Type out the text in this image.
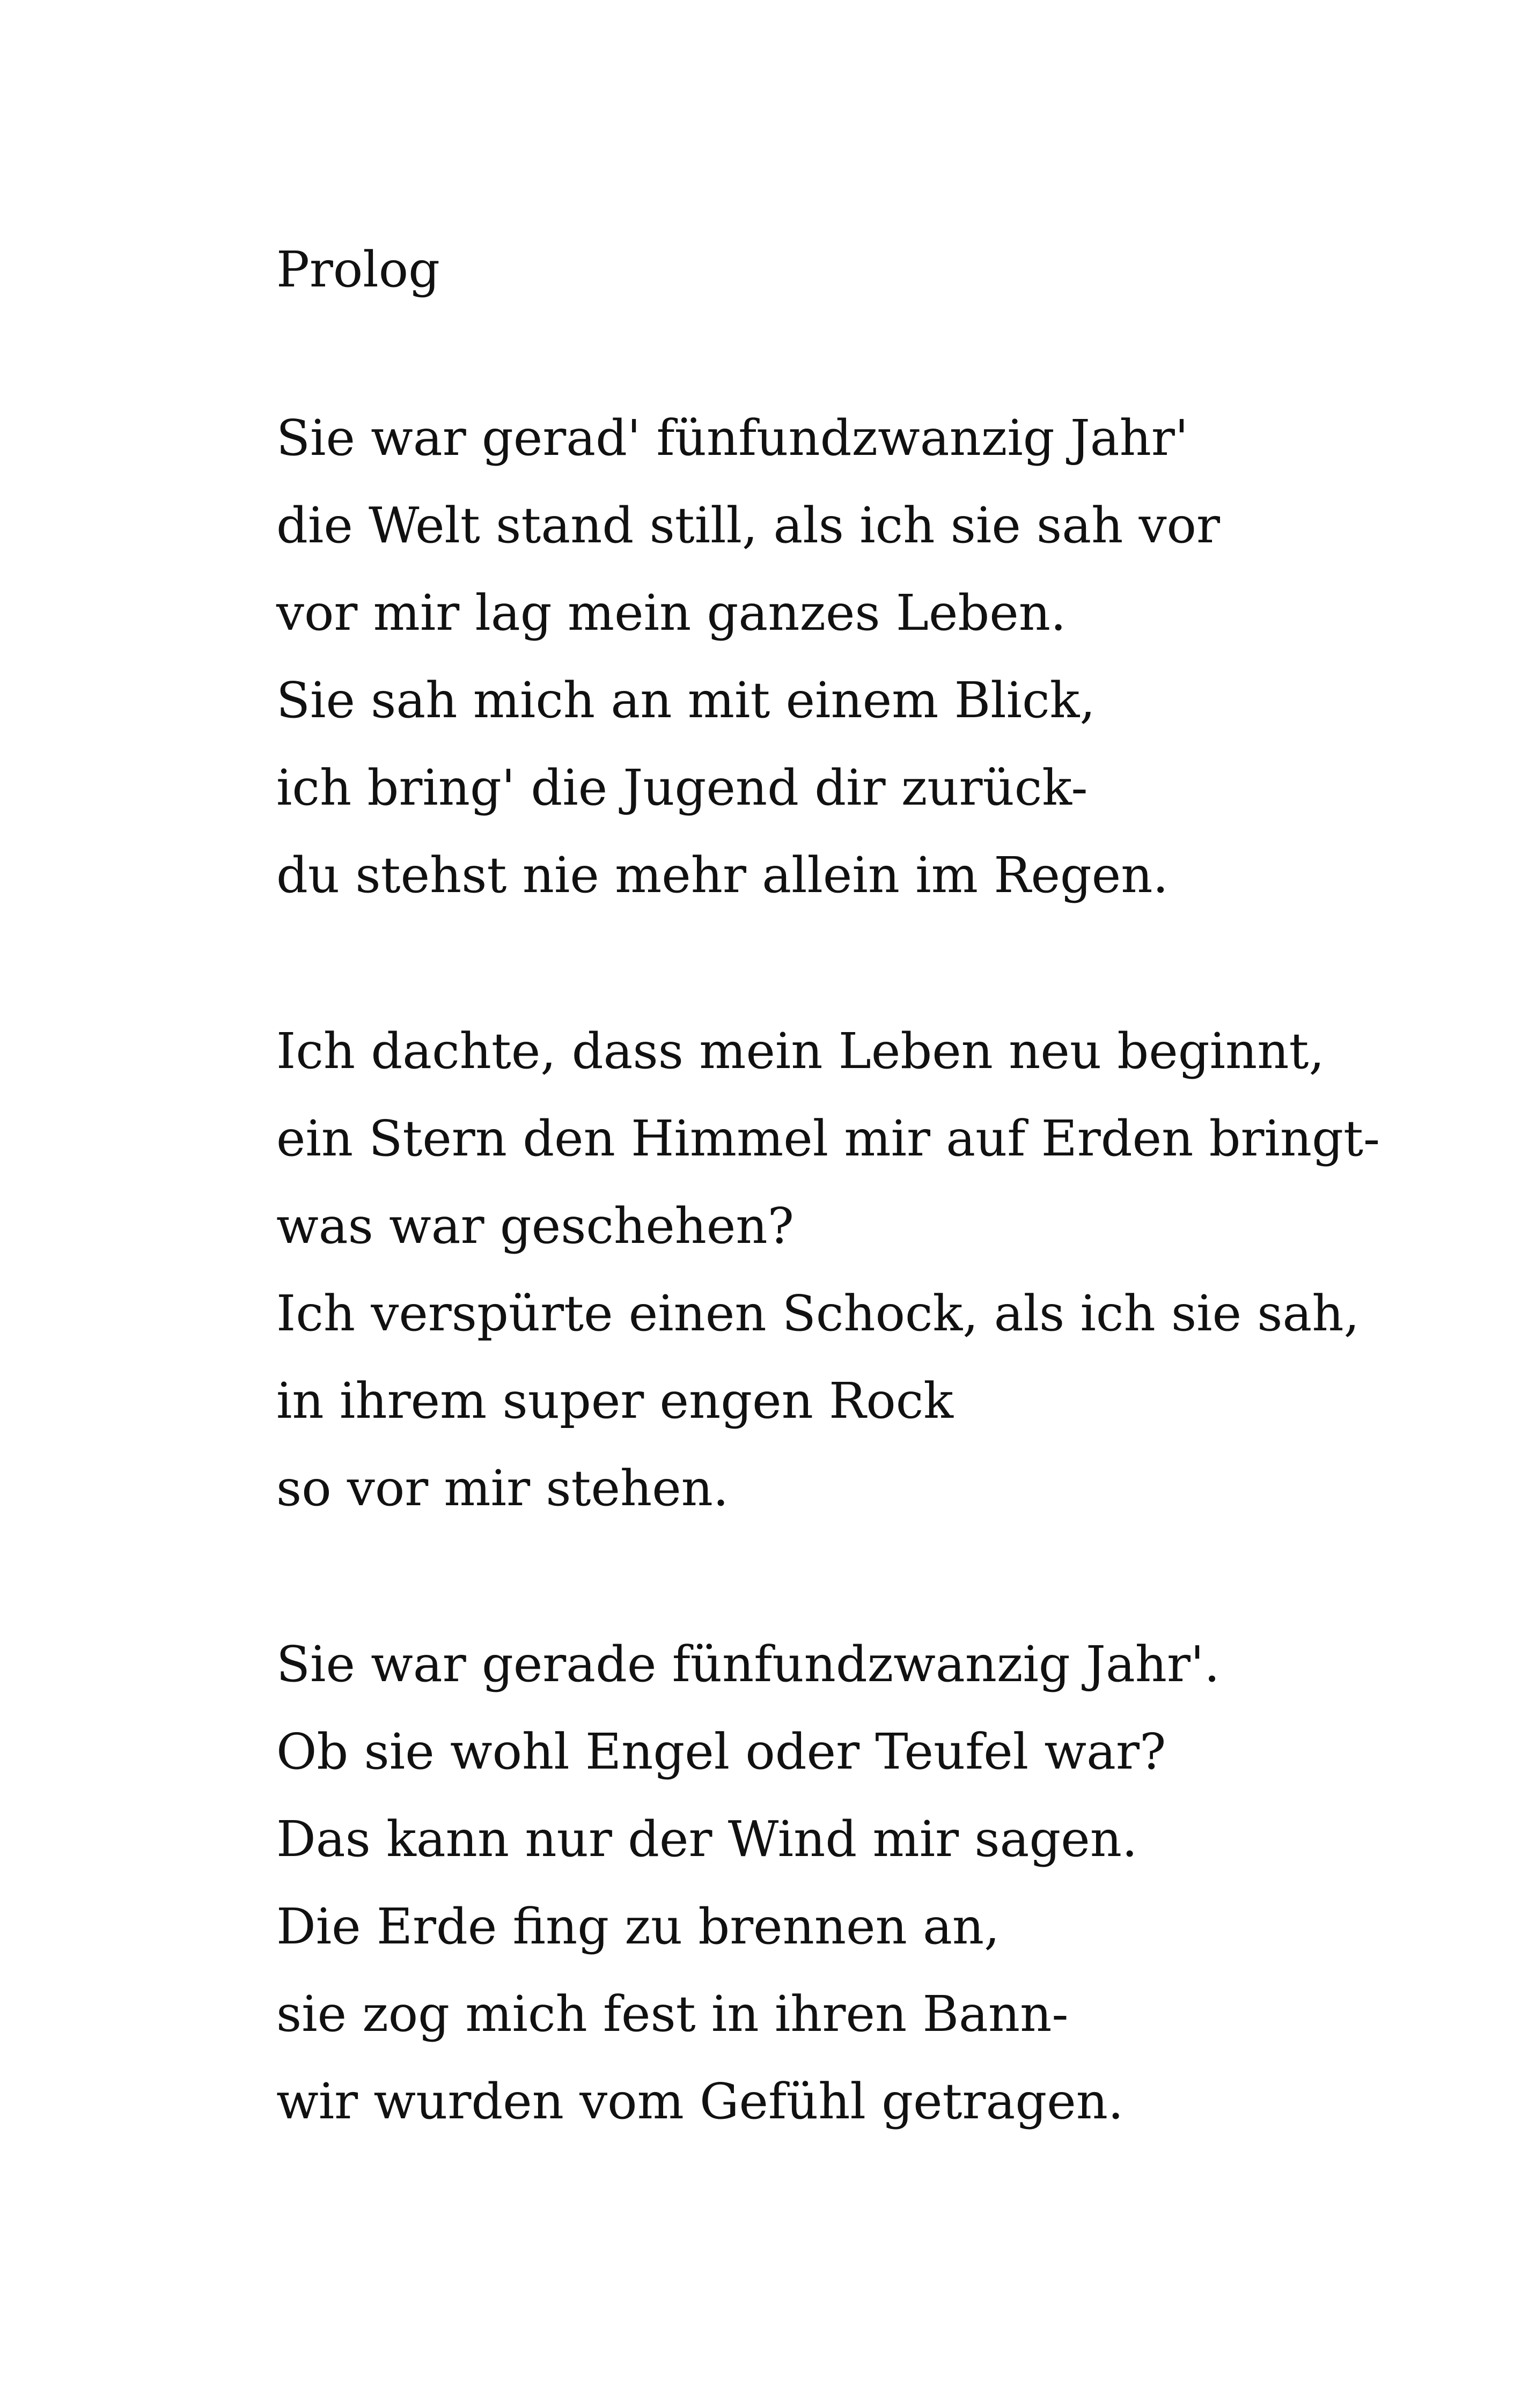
Prolog
Sie war gerad' fünfundzwanzig Jahr'
die Welt stand still, als ich sie sah vor
vor mir lag mein ganzes Leben.
Sie sah mich an mit einem Blick,
ich bring' die Jugend dir zurück-
du stehst nie mehr allein im Regen.
Ich dachte, dass mein Leben neu beginnt,
ein Stern den Himmel mir auf Erden bringt-
was war geschehen?
Ich verspürte einen Schock, als ich sie sah,
in ihrem super engen Rock
so vor mir stehen.
Sie war gerade fünfundzwanzig Jahr'.
Ob sie wohl Engel oder Teufel war?
Das kann nur der Wind mir sagen.
Die Erde fing zu brennen an,
sie zog mich fest in ihren Bann-
wir wurden vom Gefühl getragen.
